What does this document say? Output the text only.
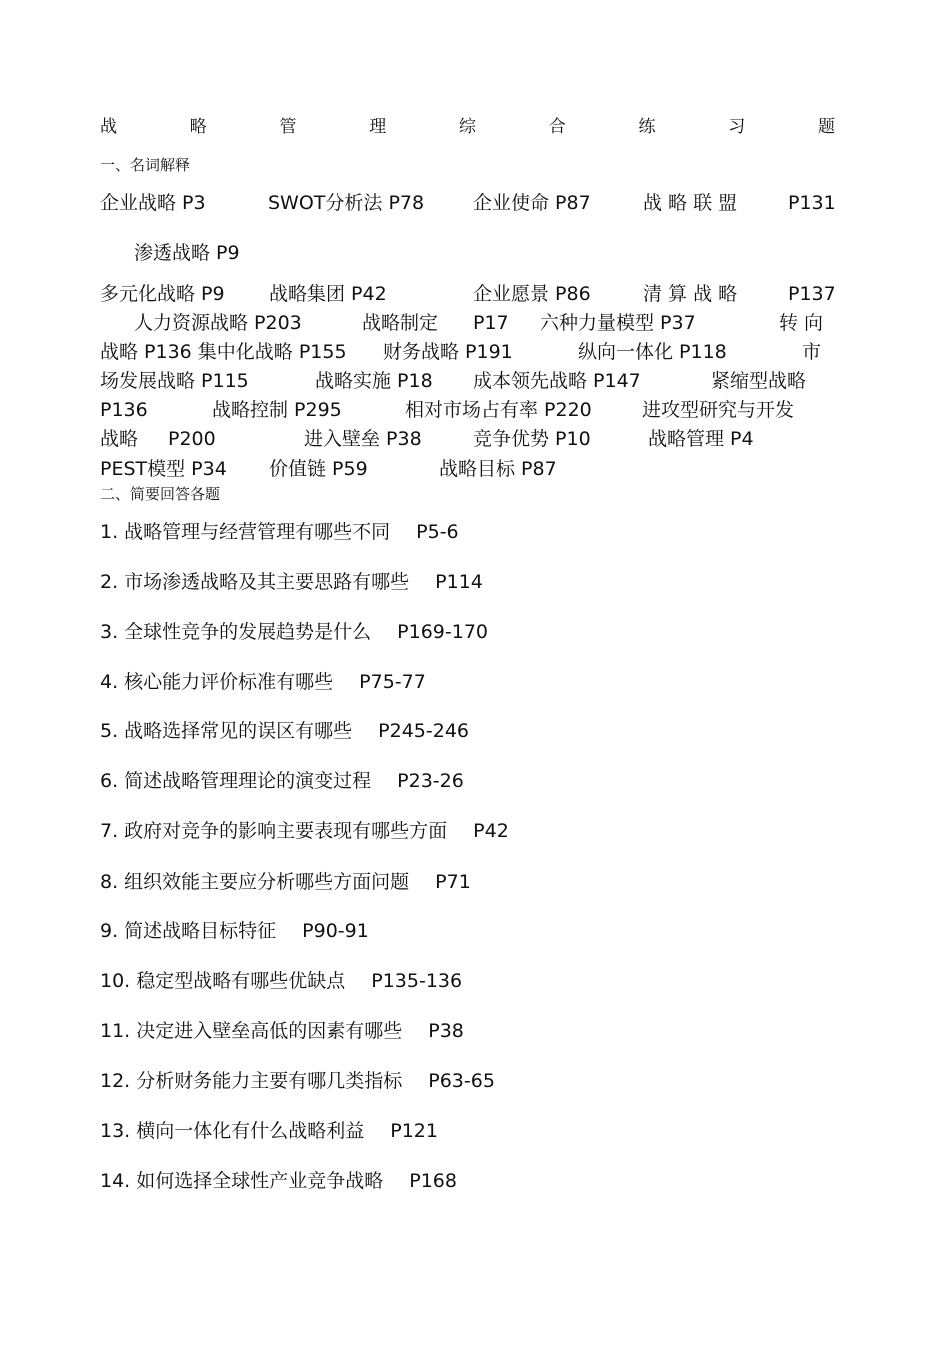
战	略	管	理	综	合	练	习	题
一、名词解释
企业战略 P3	SWOT分析法 P78	企业使命 P87	战 略 联 盟	P131
渗透战略 P9
多元化战略 P9 战略集团 P42	企业愿景 P86	清 算 战 略	P137
人力资源战略 P203	战略制定 P17 六种力量模型 P37	转 向
战略 P136 集中化战略 P155 财务战略 P191	纵向一体化 P118	市
场发展战略 P115	战略实施 P18 成本领先战略 P147	紧缩型战略
P136	战略控制 P295	相对市场占有率 P220	进攻型研究与开发
战略 P200	进入壁垒 P38	竞争优势 P10	战略管理 P4
PEST模型 P34 价值链 P59	战略目标 P87
二、简要回答各题
1. 战略管理与经营管理有哪些不同 P5-6
2. 市场渗透战略及其主要思路有哪些 P114
3. 全球性竞争的发展趋势是什么 P169-170
4. 核心能力评价标准有哪些 P75-77
5. 战略选择常见的误区有哪些 P245-246
6. 简述战略管理理论的演变过程 P23-26
7. 政府对竞争的影响主要表现有哪些方面 P42
8. 组织效能主要应分析哪些方面问题 P71
9. 简述战略目标特征 P90-91
10. 稳定型战略有哪些优缺点 P135-136
11. 决定进入壁垒高低的因素有哪些 P38
12. 分析财务能力主要有哪几类指标 P63-65
13. 横向一体化有什么战略利益 P121
14. 如何选择全球性产业竞争战略 P168
